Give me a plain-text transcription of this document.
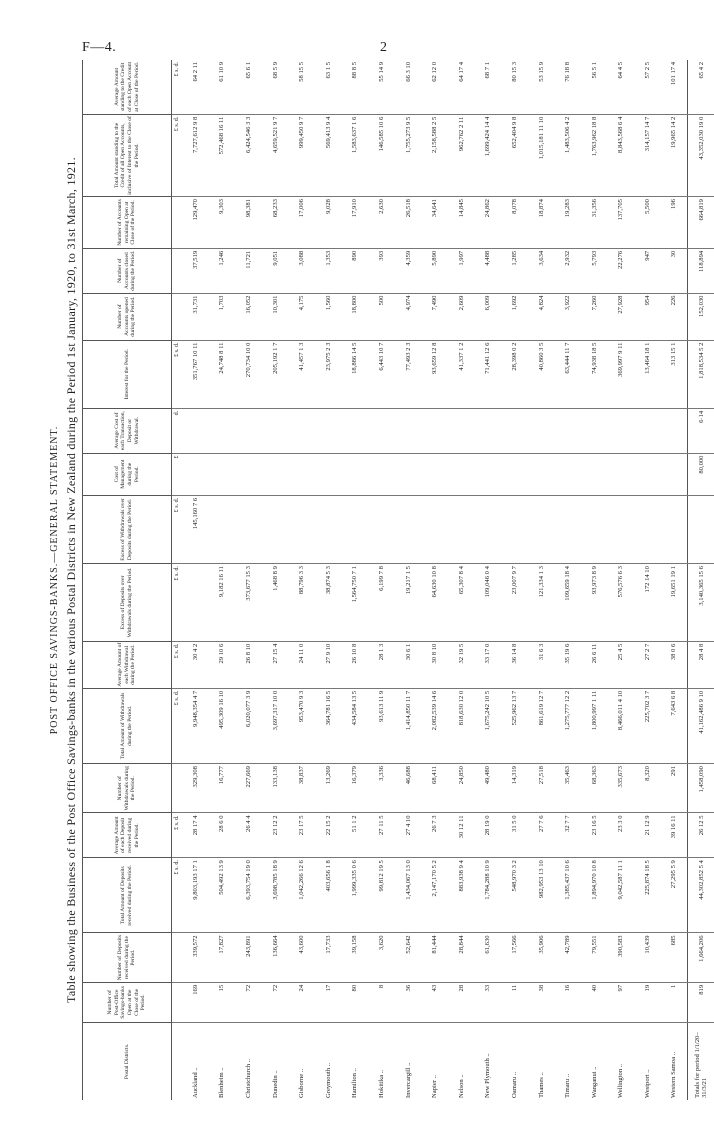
F—4.	2
POST OFFICE SAVINGS-BANKS.—GENERAL STATEMENT. Table showing the Business of the Post Office Savings-banks in the various Postal Districts in New Zealand during the Period 1st January, 1920, to 31st March, 1921.
Postal Districts.	Number of Post-Office Savings-banks Open at the Close of the Period.	Number of Deposits received during the Period.	Total Amount of Deposits received during the Period.	Average Amount of each Deposit received during the Period.	Number of Withdrawals during the Period.	Total Amount of Withdrawals during the Period.	Average Amount of each Withdrawal during the Period.	Excess of Deposits over Withdrawals during the Period.	Excess of Withdrawals over Deposits during the Period.	Cost of Management during the Period.	Average Cost of each Transaction, Deposit or Withdrawal.	Interest for the Period.	Number of Accounts opened during the Period.	Number of Accounts closed during the Period.	Number of Accounts remaining Open at Close of the Period.	Total Amount standing to the Credit of all Open Accounts, inclusive of Interest to the Close of the Period.	Average Amount standing to the Credit of each Open Account at Close of the Period.
			£ s. d.	£ s. d.		£ s. d.	£ s. d.	£ s. d.	£ s. d.	£	d.	£ s. d.				£ s. d.	£ s. d.
Auckland ..	169	339,572	9,803,193 17 1	28 17 4	329,308	9,948,354 4 7	30 4 2		145,160 7 6			351,767 10 11	31,731	37,519	129,470	7,727,612 9 8	64 2 11
Blenheim ..	15	17,827	504,492 13 9	28 6 0	16,777	495,309 16 10	29 10 6	9,182 16 11				24,748 8 11	1,703	1,246	9,303	572,468 16 11	61 10 9
Christchurch ..	72	243,891	6,393,754 19 0	26 4 4	227,669	6,020,077 3 9	26 8 10	373,677 15 3				270,734 10 0	16,052	11,721	98,381	6,424,546 3 3	65 6 1
Dunedin ..	72	136,664	3,698,785 18 9	23 12 2	133,138	3,697,317 10 0	27 15 4	1,468 8 9				205,192 1 7	10,301	9,051	68,233	4,659,521 9 7	68 5 9
Gisborne ..	24	43,600	1,042,266 12 6	23 17 5	38,837	953,470 9 3	24 11 0	88,796 3 3				41,457 1 3	4,175	3,088	17,006	999,450 9 7	58 15 5
Greymouth ..	17	17,733	403,656 1 8	22 15 2	13,269	364,781 16 5	27 9 10	38,874 5 3				23,975 2 3	1,560	1,353	9,028	569,413 9 4	63 1 5
Hamilton ..	80	39,158	1,999,335 0 6	51 1 2	16,379	434,584 13 5	26 10 8	1,564,750 7 1				18,886 14 5	18,800	890	17,910	1,583,637 1 6	88 8 5
Hokitika ..	8	3,620	99,812 19 5	27 11 5	3,336	93,613 11 9	28 1 3	6,199 7 8				6,443 10 7	500	393	2,630	146,585 10 6	55 14 9
Invercargill ..	36	52,642	1,434,067 13 0	27 4 10	46,688	1,414,850 11 7	30 6 1	19,217 1 5				77,493 2 3	4,974	4,359	26,518	1,755,273 9 5	66 3 10
Napier ..	43	81,444	2,147,170 5 2	26 7 3	68,411	2,082,539 14 6	30 8 10	64,630 10 8				93,659 12 8	7,490	5,890	34,641	2,158,588 2 5	62 12 0
Nelson ..	28	28,844	883,938 9 4	30 12 11	24,850	818,630 12 0	32 19 5	65,307 8 4				41,337 1 2	2,609	1,997	14,845	962,762 2 11	64 17 4
New Plymouth ..	33	61,630	1,784,288 10 9	28 19 0	49,480	1,675,242 10 5	33 17 0	109,046 0 4				71,441 12 6	6,009	4,488	24,862	1,699,424 14 4	68 7 1
Oamaru ..	11	17,566	548,970 3 2	31 5 0	14,319	525,962 13 7	36 14 8	23,007 9 7				28,398 0 2	1,692	1,285	8,078	652,404 9 8	80 15 3
Thames ..	38	35,906	982,953 13 10	27 7 6	27,518	861,619 12 7	31 6 3	121,334 1 3				40,860 3 5	4,824	3,634	18,874	1,015,181 11 10	53 15 9
Timaru ..	16	42,789	1,385,437 10 6	32 7 7	35,463	1,275,777 12 2	35 19 6	109,659 18 4				63,444 11 7	3,922	2,932	19,283	1,483,506 4 2	76 18 8
Wanganui ..	40	79,551	1,894,970 10 8	23 16 5	68,363	1,800,997 1 11	26 6 11	93,973 8 9				74,938 18 5	7,260	5,793	31,356	1,763,962 18 8	56 5 1
Wellington ..	97	390,583	9,042,587 11 1	23 3 0	335,673	8,466,011 4 10	25 4 5	576,576 6 3				369,997 9 11	27,928	22,276	137,705	8,843,568 6 4	64 4 5
Westport ..	19	10,439	225,874 18 5	21 12 9	8,320	225,702 3 7	27 2 7	172 14 10				13,464 18 1	954	947	5,500	314,157 14 7	57 2 5
Western Samoa ..	1	685	27,295 5 9	39 16 11	291	7,643 6 8	38 0 6	19,651 19 1				313 15 1	226	30	196	19,965 14 2	101 17 4
Totals for period 1/1/20–31/3/21	819	1,664,206	44,302,852 5 4	26 12 5	1,458,090	41,162,486 9 10	28 4 8	3,140,365 15 6		80,000	6·14	1,818,534 5 2	152,030	118,894	664,819	43,352,030 19 0	65 4 2
